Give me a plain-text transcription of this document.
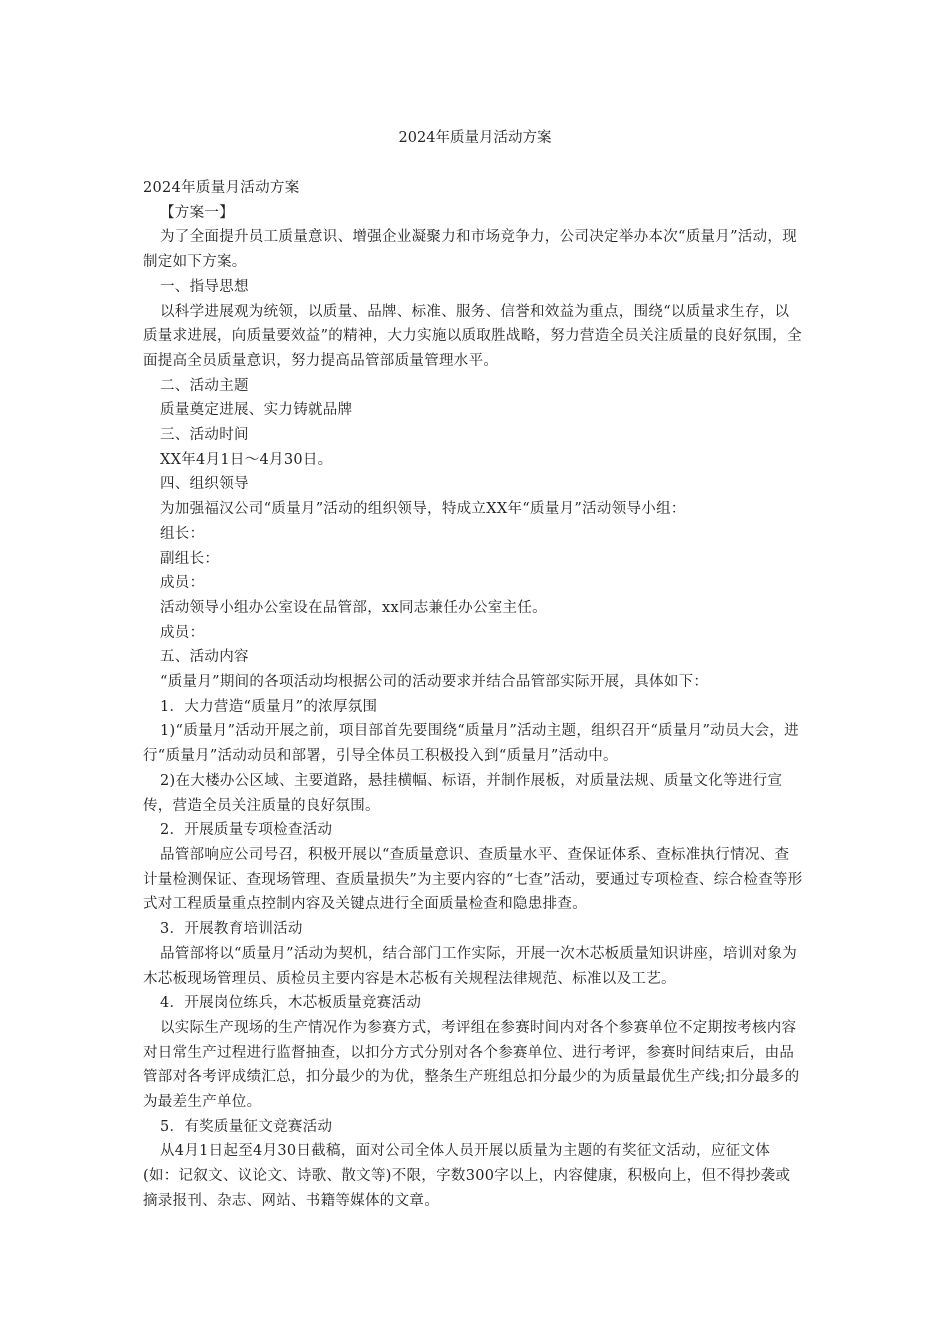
2024年质量月活动方案

2024年质量月活动方案

【方案一】

为了全面提升员工质量意识、增强企业凝聚力和市场竞争力，公司决定举办本次“质量月”活动，现制定如下方案。

一、指导思想

以科学进展观为统领，以质量、品牌、标准、服务、信誉和效益为重点，围绕“以质量求生存，以质量求进展，向质量要效益”的精神，大力实施以质取胜战略，努力营造全员关注质量的良好氛围，全面提高全员质量意识，努力提高品管部质量管理水平。

二、活动主题

质量奠定进展、实力铸就品牌

三、活动时间

XX年4月1日～4月30日。

四、组织领导

为加强福汉公司“质量月”活动的组织领导，特成立XX年“质量月”活动领导小组：

组长：

副组长：

成员：

活动领导小组办公室设在品管部，xx同志兼任办公室主任。

成员：

五、活动内容

“质量月”期间的各项活动均根据公司的活动要求并结合品管部实际开展，具体如下：

1．大力营造“质量月”的浓厚氛围

1)“质量月”活动开展之前，项目部首先要围绕“质量月”活动主题，组织召开“质量月”动员大会，进行“质量月”活动动员和部署，引导全体员工积极投入到“质量月”活动中。

2)在大楼办公区域、主要道路，悬挂横幅、标语，并制作展板，对质量法规、质量文化等进行宣传，营造全员关注质量的良好氛围。

2．开展质量专项检查活动

品管部响应公司号召，积极开展以“查质量意识、查质量水平、查保证体系、查标准执行情况、查计量检测保证、查现场管理、查质量损失”为主要内容的“七查”活动，要通过专项检查、综合检查等形式对工程质量重点控制内容及关键点进行全面质量检查和隐患排查。

3．开展教育培训活动

品管部将以“质量月”活动为契机，结合部门工作实际，开展一次木芯板质量知识讲座，培训对象为木芯板现场管理员、质检员主要内容是木芯板有关规程法律规范、标准以及工艺。

4．开展岗位练兵，木芯板质量竞赛活动

以实际生产现场的生产情况作为参赛方式，考评组在参赛时间内对各个参赛单位不定期按考核内容对日常生产过程进行监督抽查，以扣分方式分别对各个参赛单位、进行考评，参赛时间结束后，由品管部对各考评成绩汇总，扣分最少的为优，整条生产班组总扣分最少的为质量最优生产线;扣分最多的为最差生产单位。

5．有奖质量征文竞赛活动

从4月1日起至4月30日截稿，面对公司全体人员开展以质量为主题的有奖征文活动，应征文体(如：记叙文、议论文、诗歌、散文等)不限，字数300字以上，内容健康，积极向上，但不得抄袭或摘录报刊、杂志、网站、书籍等媒体的文章。
